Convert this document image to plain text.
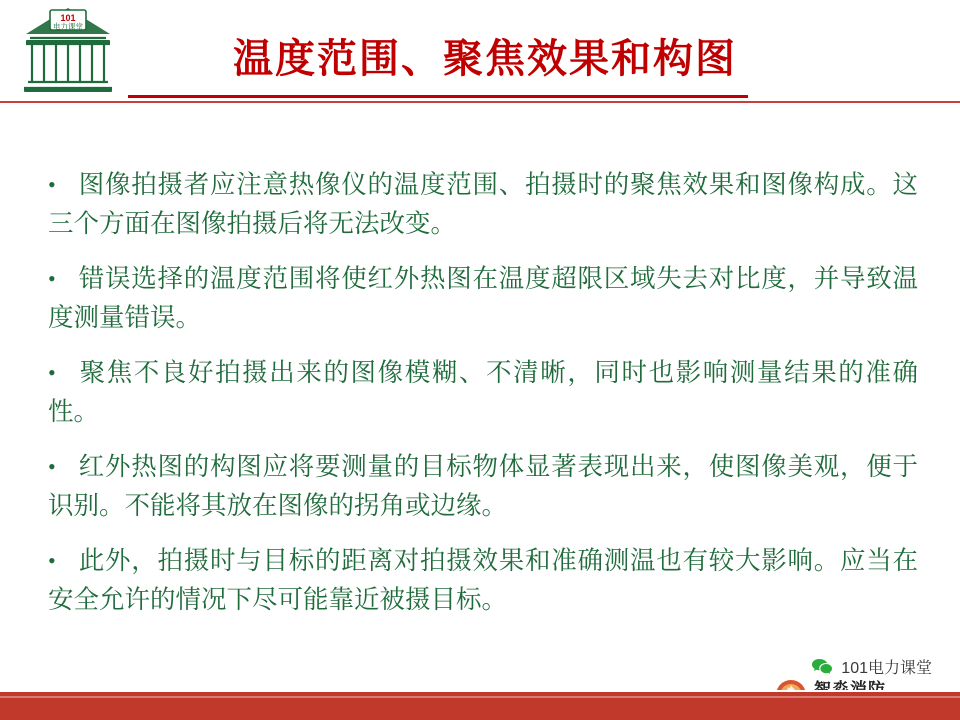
101
电力课堂
温度范围、聚焦效果和构图
• 图像拍摄者应注意热像仪的温度范围、拍摄时的聚焦效果和图像构成。这三个方面在图像拍摄后将无法改变。
• 错误选择的温度范围将使红外热图在温度超限区域失去对比度，并导致温度测量错误。
• 聚焦不良好拍摄出来的图像模糊、不清晰，同时也影响测量结果的准确性。
• 红外热图的构图应将要测量的目标物体显著表现出来，使图像美观，便于识别。不能将其放在图像的拐角或边缘。
• 此外，拍摄时与目标的距离对拍摄效果和准确测温也有较大影响。应当在安全允许的情况下尽可能靠近被摄目标。
101电力课堂
